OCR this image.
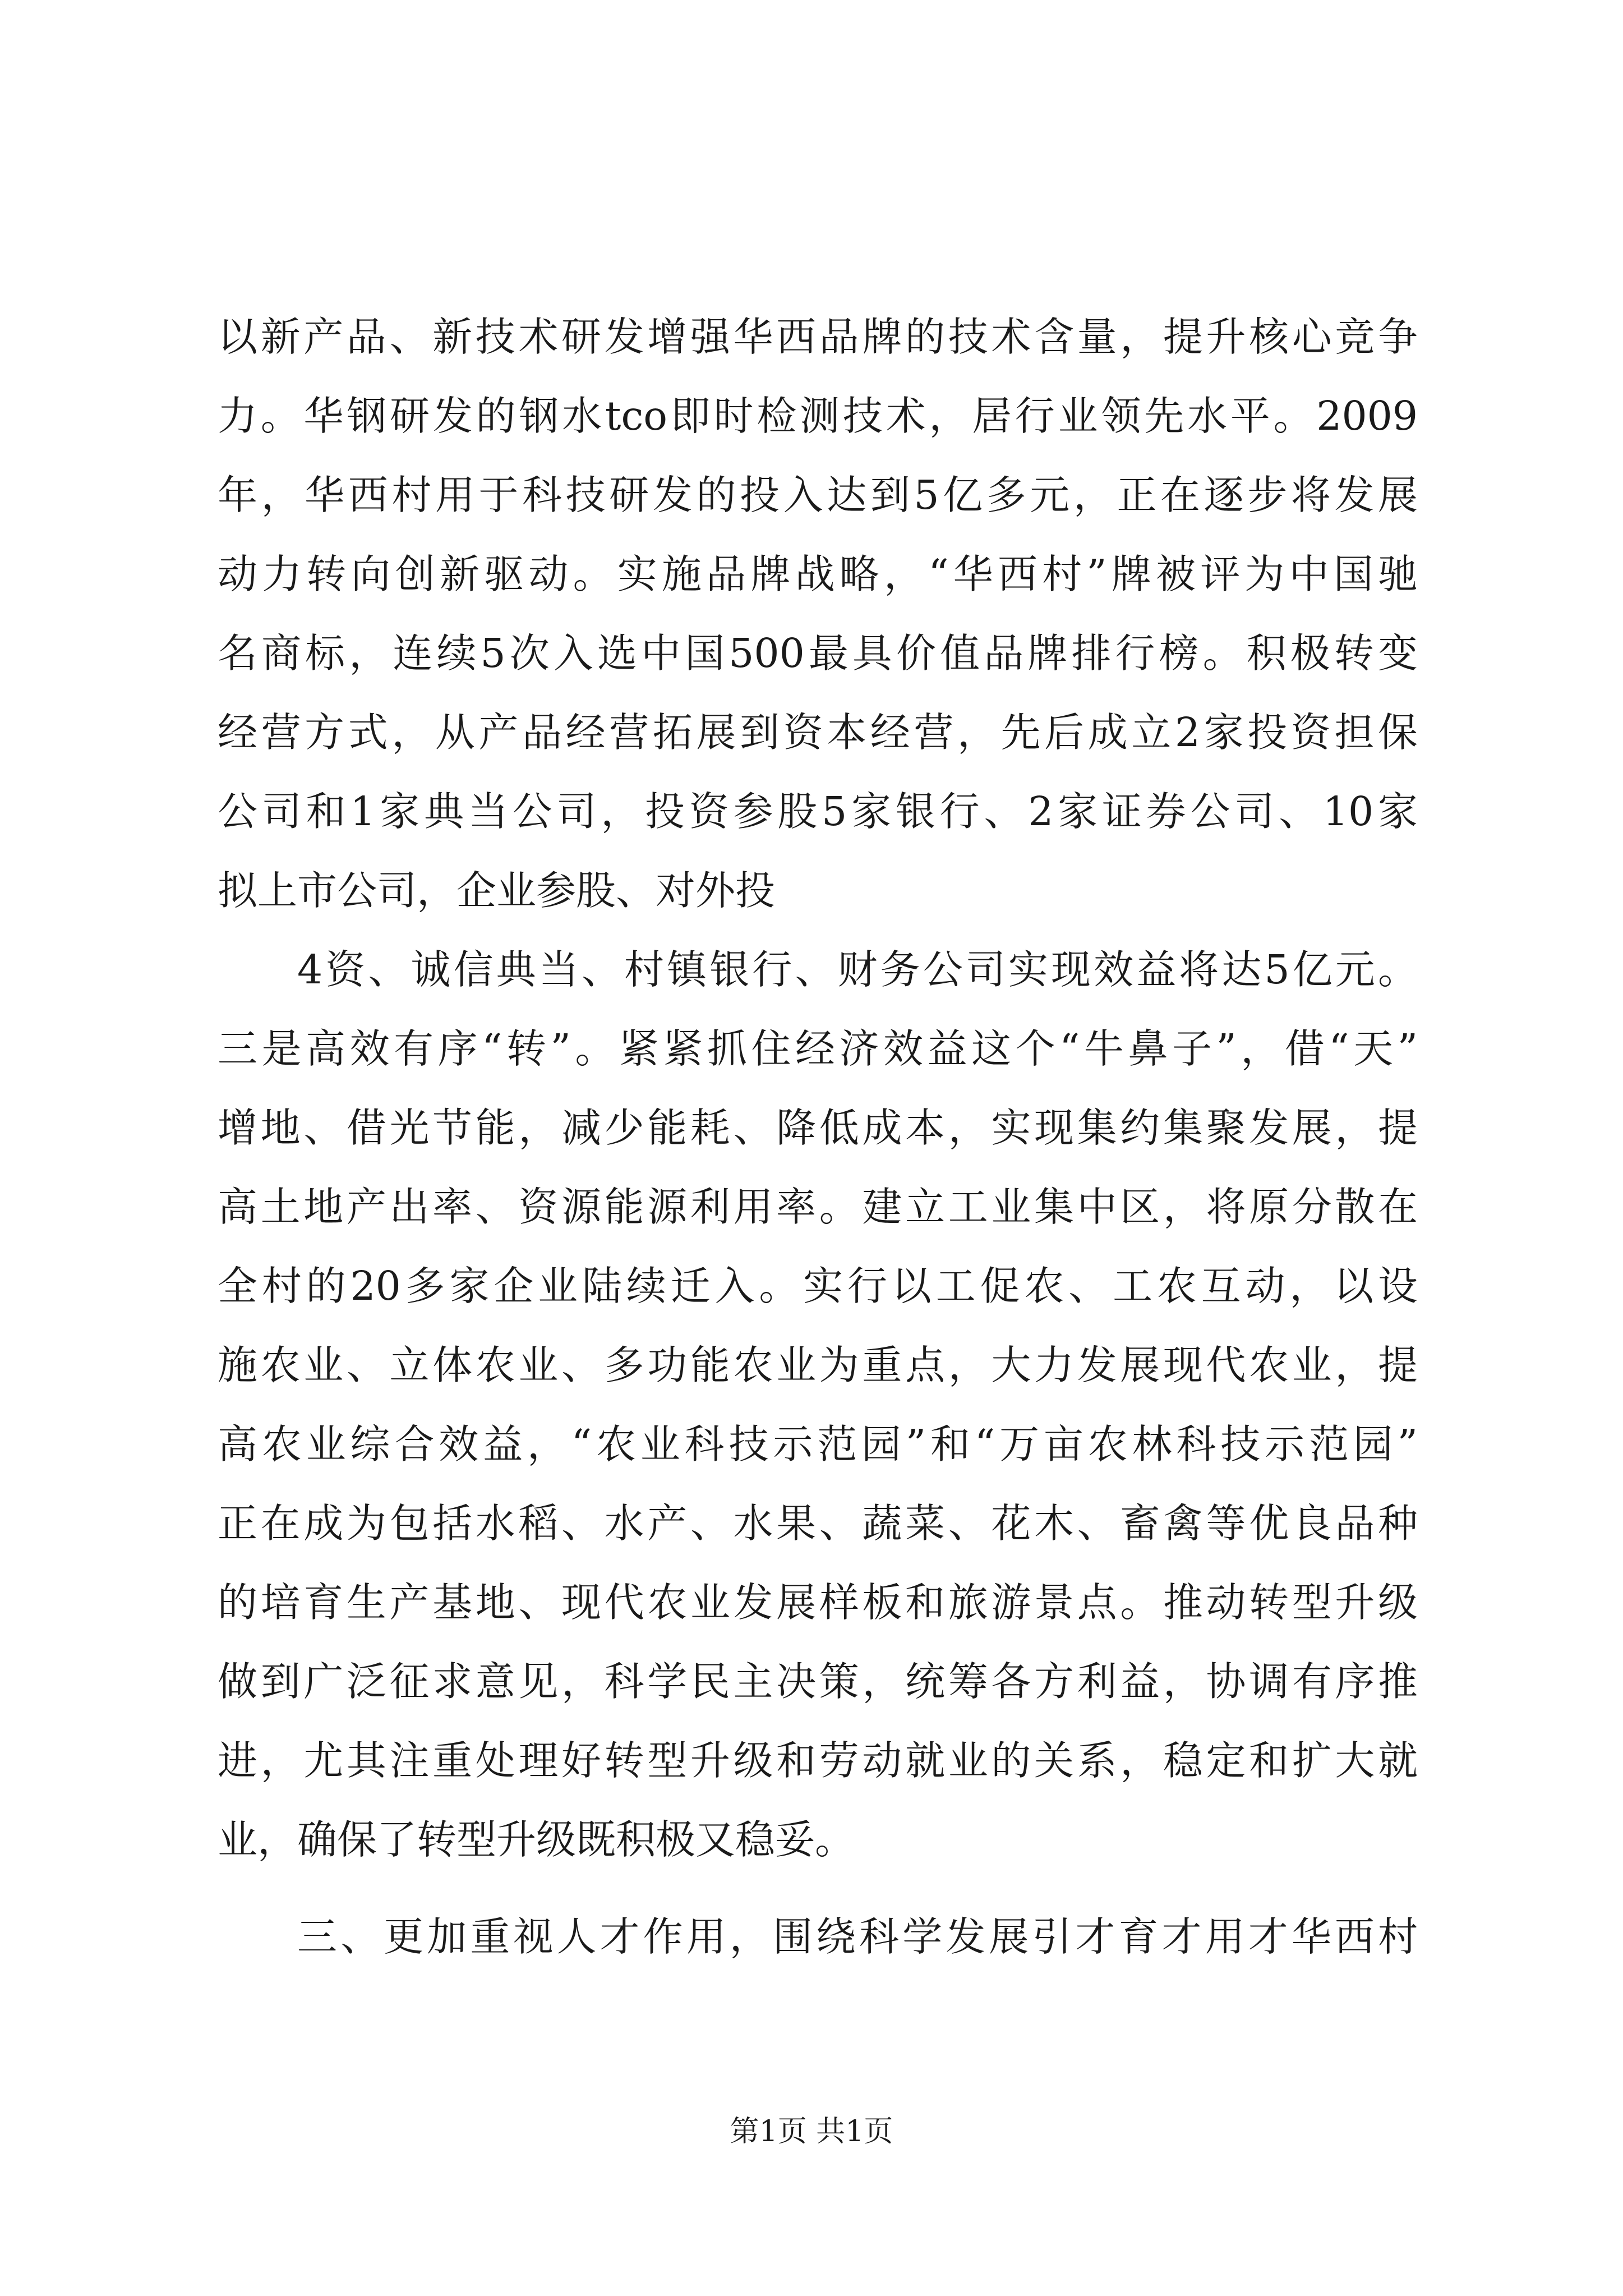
以新产品、新技术研发增强华西品牌的技术含量，提升核心竞争
力。华钢研发的钢水tco即时检测技术，居行业领先水平。2009
年，华西村用于科技研发的投入达到5亿多元，正在逐步将发展
动力转向创新驱动。实施品牌战略，“华西村”牌被评为中国驰
名商标，连续5次入选中国500最具价值品牌排行榜。积极转变
经营方式，从产品经营拓展到资本经营，先后成立2家投资担保
公司和1家典当公司，投资参股5家银行、2家证券公司、10家
拟上市公司，企业参股、对外投
4资、诚信典当、村镇银行、财务公司实现效益将达5亿元。
三是高效有序“转”。紧紧抓住经济效益这个“牛鼻子”，借“天”
增地、借光节能，减少能耗、降低成本，实现集约集聚发展，提
高土地产出率、资源能源利用率。建立工业集中区，将原分散在
全村的20多家企业陆续迁入。实行以工促农、工农互动，以设
施农业、立体农业、多功能农业为重点，大力发展现代农业，提
高农业综合效益，“农业科技示范园”和“万亩农林科技示范园”
正在成为包括水稻、水产、水果、蔬菜、花木、畜禽等优良品种
的培育生产基地、现代农业发展样板和旅游景点。推动转型升级
做到广泛征求意见，科学民主决策，统筹各方利益，协调有序推
进，尤其注重处理好转型升级和劳动就业的关系，稳定和扩大就
业，确保了转型升级既积极又稳妥。
三、更加重视人才作用，围绕科学发展引才育才用才华西村
第1页 共1页
